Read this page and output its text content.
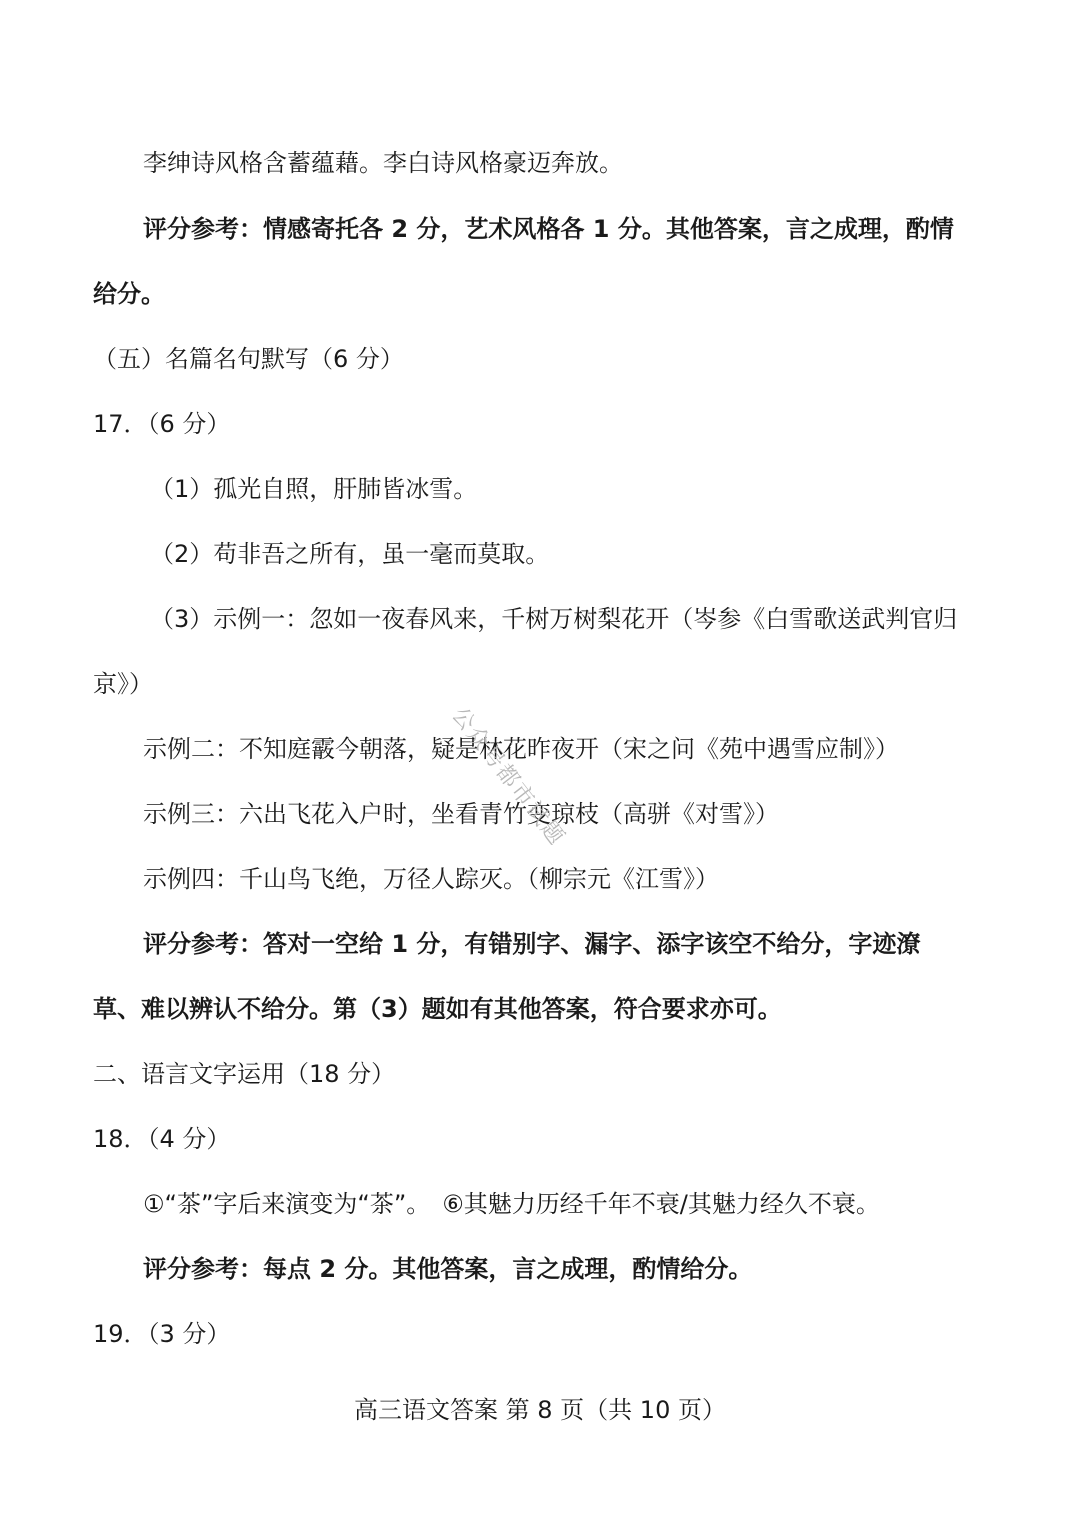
李绅诗风格含蓄蕴藉。李白诗风格豪迈奔放。
评分参考：情感寄托各 2 分，艺术风格各 1 分。其他答案，言之成理，酌情
给分。
（五）名篇名句默写（6 分）
17．（6 分）
（1）孤光自照，肝肺皆冰雪。
（2）苟非吾之所有，虽一毫而莫取。
（3）示例一：忽如一夜春风来，千树万树梨花开（岑参《白雪歌送武判官归
京》）
示例二：不知庭霰今朝落，疑是林花昨夜开（宋之问《苑中遇雪应制》）
示例三：六出飞花入户时，坐看青竹变琼枝（高骈《对雪》）
示例四：千山鸟飞绝，万径人踪灭。（柳宗元《江雪》）
评分参考：答对一空给 1 分，有错别字、漏字、添字该空不给分，字迹潦
草、难以辨认不给分。第（3）题如有其他答案，符合要求亦可。
二、语言文字运用（18 分）
18．（4 分）
①“茶”字后来演变为“茶”。　⑥其魅力历经千年不衰/其魅力经久不衰。
评分参考：每点 2 分。其他答案，言之成理，酌情给分。
19．（3 分）
公众号都市试题
高三语文答案 第 8 页（共 10 页）
